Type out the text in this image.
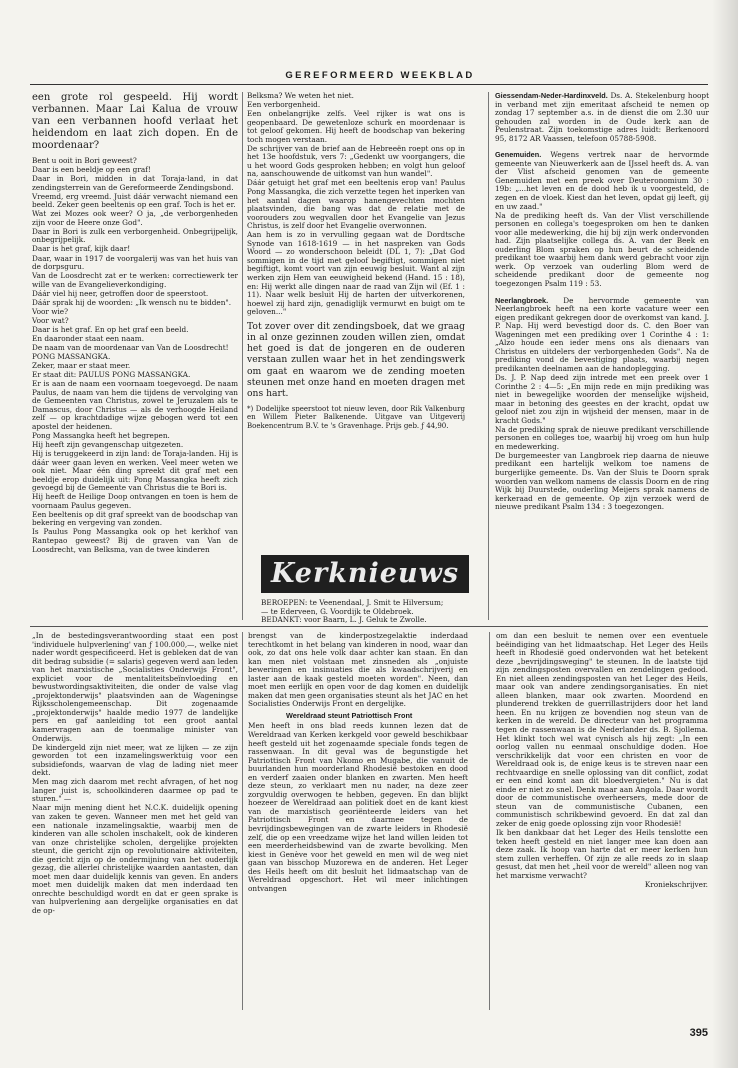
GEREFORMEERD WEEKBLAD

een grote rol gespeeld. Hij wordt verbannen. Maar Lai Kalua de vrouw van een verbannen hoofd verlaat het heidendom en laat zich dopen. En de moordenaar?

Bent u ooit in Bori geweest?

Daar is een beeldje op een graf!

Daar in Bori, midden in dat Toraja-land, in dat zendingsterrein van de Gereformeerde Zendingsbond.

Vreemd, erg vreemd. Juist dáár verwacht niemand een beeld. Zeker geen beeltenis op een graf. Toch is het er.

Wat zei Mozes ook weer? O ja, „de verborgenheden zijn voor de Heere onze God".

Daar in Bori is zulk een verborgenheid. Onbegrijpelijk, onbegrijpelijk.

Daar is het graf, kijk daar!

Daar, waar in 1917 de voorgalerij was van het huis van de dorpsguru.

Van de Loosdrecht zat er te werken: correctiewerk ter wille van de Evangelieverkondiging.

Dáár viel hij neer, getroffen door de speerstoot.

Dáár sprak hij de woorden: „Ik wensch nu te bidden".

Voor wie?

Voor wat?

Daar is het graf. En op het graf een beeld.

En daaronder staat een naam.

De naam van de moordenaar van Van de Loosdrecht!

PONG MASSANGKA.

Zeker, maar er staat meer.

Er staat dit: PAULUS PONG MASSANGKA.

Er is aan de naam een voornaam toegevoegd. De naam Paulus, de naam van hem die tijdens de vervolging van de Gemeenten van Christus, zowel te Jeruzalem als te Damascus, door Christus — als de verhoogde Heiland zelf — op krachtdadige wijze gebogen werd tot een apostel der heidenen.

Pong Massangka heeft het begrepen.

Hij heeft zijn gevangenschap uitgezeten.

Hij is teruggekeerd in zijn land: de Toraja-landen. Hij is dáár weer gaan leven en werken. Veel meer weten we ook niet. Maar één ding spreekt dit graf met een beeldje erop duidelijk uit: Pong Massangka heeft zich gevoegd bij de Gemeente van Christus die te Bori is.

Hij heeft de Heilige Doop ontvangen en toen is hem de voornaam Paulus gegeven.

Een beeltenis op dit graf spreekt van de boodschap van bekering en vergeving van zonden.

Is Paulus Pong Massangka ook op het kerkhof van Rantepao geweest? Bij de graven van Van de Loosdrecht, van Belksma, van de twee kinderen

Belksma? We weten het niet.

Een verborgenheid.

Een onbelangrijke zelfs. Veel rijker is wat ons is geopenbaard. De gewetenloze schurk en moordenaar is tot geloof gekomen. Hij heeft de boodschap van bekering toch mogen verstaan.

De schrijver van de brief aan de Hebreeën roept ons op in het 13e hoofdstuk, vers 7: „Gedenkt uw voorgangers, die u het woord Gods gesproken hebben; en volgt hun geloof na, aanschouwende de uitkomst van hun wandel".

Dáár getuigt het graf met een beeltenis erop van! Paulus Pong Massangka, die zich verzette tegen het inperken van het aantal dagen waarop hanengevechten mochten plaatsvinden, die bang was dat de relatie met de voorouders zou wegvallen door het Evangelie van Jezus Christus, is zelf door het Evangelie overwonnen.

Aan hem is zo in vervulling gegaan wat de Dordtsche Synode van 1618-1619 — in het naspreken van Gods Woord — zo wonderschoon beleidt (DL 1, 7): „Dat God sommigen in de tijd met geloof begiftigt, sommigen niet begiftigt, komt voort van zijn eeuwig besluit. Want al zijn werken zijn Hem van eeuwigheid bekend (Hand. 15 : 18), en: Hij werkt alle dingen naar de raad van Zijn wil (Ef. 1 : 11). Naar welk besluit Hij de harten der uitverkorenen, hoewel zij hard zijn, genadiglijk vermurwt en buigt om te geloven..."

Tot zover over dit zendingsboek, dat we graag in al onze gezinnen zouden willen zien, omdat het goed is dat de jongeren en de ouderen verstaan zullen waar het in het zendingswerk om gaat en waarom we de zending moeten steunen met onze hand en moeten dragen met ons hart.

*) Dodelijke speerstoot tot nieuw leven, door Rik Valkenburg en Willem Pieter Balkenende. Uitgave van Uitgeverij Boekencentrum B.V. te 's Gravenhage. Prijs geb. ƒ 44,90.

Kerknieuws
BEROEPEN: te Veenendaal, J. Smit te Hilversum;
— te Ederveen, G. Voordijk te Oldebroek.
BEDANKT: voor Baarn, L. J. Geluk te Zwolle.

Giessendam-Neder-Hardinxveld. Ds. A. Stekelenburg hoopt in verband met zijn emeritaat afscheid te nemen op zondag 17 september a.s. in de dienst die om 2.30 uur gehouden zal worden in de Oude kerk aan de Peulenstraat. Zijn toekomstige adres luidt: Berkenoord 95, 8172 AR Vaassen, telefoon 05788-5908.

Genemuiden. Wegens vertrek naar de hervormde gemeente van Nieuwerkerk aan de IJssel heeft ds. A. van der Vlist afscheid genomen van de gemeente Genemuiden met een preek over Deuteronomium 30 : 19b: „...het leven en de dood heb ik u voorgesteld, de zegen en de vloek. Kiest dan het leven, opdat gij leeft, gij en uw zaad."

Na de prediking heeft ds. Van der Vlist verschillende personen en collega's toegesproken om hen te danken voor alle medewerking, die hij bij zijn werk ondervonden had. Zijn plaatselijke collega ds. A. van der Beek en ouderling Blom spraken op hun beurt de scheidende predikant toe waarbij hem dank werd gebracht voor zijn werk. Op verzoek van ouderling Blom werd de scheidende predikant door de gemeente nog toegezongen Psalm 119 : 53.

Neerlangbroek. De hervormde gemeente van Neerlangbroek heeft na een korte vacature weer een eigen predikant gekregen door de overkomst van kand. J. P. Nap. Hij werd bevestigd door ds. C. den Boer van Wageningen met een prediking over 1 Corinthe 4 : 1: „Alzo houde een ieder mens ons als dienaars van Christus en uitdelers der verborgenheden Gods". Na de prediking vond de bevestiging plaats, waarbij negen predikanten deelnamen aan de handoplegging.

Ds. J. P. Nap deed zijn intrede met een preek over 1 Corinthe 2 : 4—5: „En mijn rede en mijn prediking was niet in bewegelijke woorden der menselijke wijsheid, maar in betoning des geestes en der kracht, opdat uw geloof niet zou zijn in wijsheid der mensen, maar in de kracht Gods."

Na de prediking sprak de nieuwe predikant verschillende personen en colleges toe, waarbij hij vroeg om hun hulp en medewerking.

De burgemeester van Langbroek riep daarna de nieuwe predikant een hartelijk welkom toe namens de burgerlijke gemeente. Ds. Van der Sluis te Doorn sprak woorden van welkom namens de classis Doorn en de ring Wijk bij Duurstede, ouderling Meijers sprak namens de kerkeraad en de gemeente. Op zijn verzoek werd de nieuwe predikant Psalm 134 : 3 toegezongen.

„In de bestedingsverantwoording staat een post 'individuele hulpverlening' van ƒ 100.000,—, welke niet nader wordt gespecificeerd. Het is gebleken dat de van dit bedrag subsidie (= salaris) gegeven werd aan leden van het marxistische „Socialisties Onderwijs Front", expliciet voor de mentaliteitsbeïnvloeding en bewustwordingsaktiviteiten, die onder de valse vlag „projektonderwijs" plaatsvinden aan de Wageningse Rijksscholengemeenschap. Dit zogenaamde „projektonderwijs" haalde medio 1977 de landelijke pers en gaf aanleiding tot een groot aantal kamervragen aan de toenmalige minister van Onderwijs.

De kindergeld zijn niet meer, wat ze lijken — ze zijn geworden tot een inzamelingswerktuig voor een subsidiefonds, waarvan de vlag de lading niet meer dekt.

Men mag zich daarom met recht afvragen, of het nog langer juist is, schoolkinderen daarmee op pad te sturen." —

Naar mijn mening dient het N.C.K. duidelijk opening van zaken te geven. Wanneer men met het geld van een nationale inzamelingsaktie, waarbij men de kinderen van alle scholen inschakelt, ook de kinderen van onze christelijke scholen, dergelijke projekten steunt, die gericht zijn op revolutionaire aktiviteiten, die gericht zijn op de ondermijning van het ouderlijk gezag, die allerlei christelijke waarden aantasten, dan moet men daar duidelijk kennis van geven. En anders moet men duidelijk maken dat men inderdaad ten onrechte beschuldigd wordt en dat er geen sprake is van hulpverlening aan dergelijke organisaties en dat de op-

brengst van de kinderpostzegelaktie inderdaad terechtkomt in het belang van kinderen in nood, waar dan ook, zo dat ons hele volk daar achter kan staan. En dan kan men niet volstaan met zinsneden als „onjuiste beweringen en insinuaties die als kwaadschrijverij en laster aan de kaak gesteld moeten worden". Neen, dan moet men eerlijk en open voor de dag komen en duidelijk maken dat men geen organisaties steunt als het JAC en het Socialisties Onderwijs Front en dergelijke.

Wereldraad steunt Patriottisch Front

Men heeft in ons blad reeds kunnen lezen dat de Wereldraad van Kerken kerkgeld voor geweld beschikbaar heeft gesteld uit het zogenaamde speciale fonds tegen de rassenwaan. In dit geval was de begunstigde het Patriottisch Front van Nkomo en Mugabe, die vanuit de buurlanden hun moorderland Rhodesië bestoken en dood en verderf zaaien onder blanken en zwarten. Men heeft deze steun, zo verklaart men nu nader, na deze zeer zorgvuldig overwogen te hebben, gegeven. En dan blijkt hoezeer de Wereldraad aan politiek doet en de kant kiest van de marxistisch georiënteerde leiders van het Patriottisch Front en daarmee tegen de bevrijdingsbewegingen van de zwarte leiders in Rhodesië zelf, die op een vreedzame wijze het land willen leiden tot een meerderheidsbewind van de zwarte bevolking. Men kiest in Genève voor het geweld en men wil de weg niet gaan van bisschop Muzorewa en de anderen. Het Leger des Heils heeft om dit besluit het lidmaatschap van de Wereldraad opgeschort. Het wil meer inlichtingen ontvangen

om dan een besluit te nemen over een eventuele beëindiging van het lidmaatschap. Het Leger des Heils heeft in Rhodesië goed ondervonden wat het betekent deze „bevrijdingsweging" te steunen. In de laatste tijd zijn zendingsposten overvallen en zendelingen gedood. En niet alleen zendingsposten van het Leger des Heils, maar ook van andere zendingsorganisaties. En niet alleen blanken, maar ook zwarten. Moordend en plunderend trekken de guerrillastrijders door het land heen. En nu krijgen ze bovendien nog steun van de kerken in de wereld. De directeur van het programma tegen de rassenwaan is de Nederlander ds. B. Sjollema. Het klinkt toch wel wat cynisch als hij zegt: „In een oorlog vallen nu eenmaal onschuldige doden. Hoe verschrikkelijk dat voor een christen en voor de Wereldraad ook is, de enige keus is te streven naar een rechtvaardige en snelle oplossing van dit conflict, zodat er een eind komt aan dit bloedvergieten." Nu is dat einde er niet zo snel. Denk maar aan Angola. Daar wordt door de communistische overheersers, mede door de steun van de communistische Cubanen, een communistisch schrikbewind gevoerd. En dat zal dan zeker de enig goede oplossing zijn voor Rhodesië!

Ik ben dankbaar dat het Leger des Heils tenslotte een teken heeft gesteld en niet langer mee kan doen aan deze zaak. Ik hoop van harte dat er meer kerken hun stem zullen verheffen. Of zijn ze alle reeds zo in slaap gesust, dat men het „heil voor de wereld" alleen nog van het marxisme verwacht?

Kroniekschrijver.

395
